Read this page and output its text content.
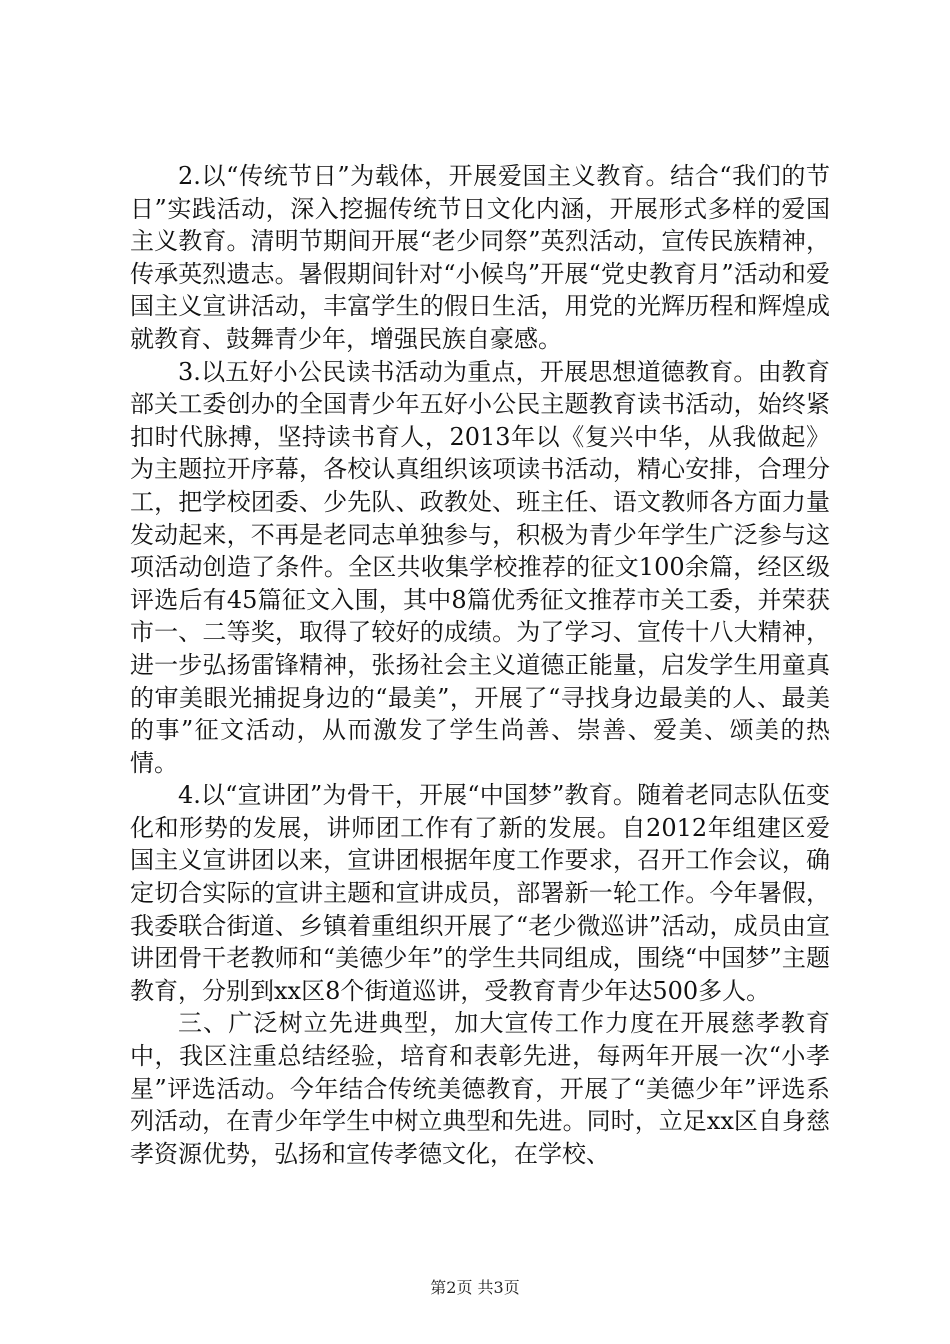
2.以“传统节日”为载体，开展爱国主义教育。结合“我们的节日”实践活动，深入挖掘传统节日文化内涵，开展形式多样的爱国主义教育。清明节期间开展“老少同祭”英烈活动，宣传民族精神，传承英烈遗志。暑假期间针对“小候鸟”开展“党史教育月”活动和爱国主义宣讲活动，丰富学生的假日生活，用党的光辉历程和辉煌成就教育、鼓舞青少年，增强民族自豪感。

3.以五好小公民读书活动为重点，开展思想道德教育。由教育部关工委创办的全国青少年五好小公民主题教育读书活动，始终紧扣时代脉搏，坚持读书育人，2013年以《复兴中华，从我做起》为主题拉开序幕，各校认真组织该项读书活动，精心安排，合理分工，把学校团委、少先队、政教处、班主任、语文教师各方面力量发动起来，不再是老同志单独参与，积极为青少年学生广泛参与这项活动创造了条件。全区共收集学校推荐的征文100余篇，经区级评选后有45篇征文入围，其中8篇优秀征文推荐市关工委，并荣获市一、二等奖，取得了较好的成绩。为了学习、宣传十八大精神，进一步弘扬雷锋精神，张扬社会主义道德正能量，启发学生用童真的审美眼光捕捉身边的“最美”，开展了“寻找身边最美的人、最美的事”征文活动，从而激发了学生尚善、崇善、爱美、颂美的热情。

4.以“宣讲团”为骨干，开展“中国梦”教育。随着老同志队伍变化和形势的发展，讲师团工作有了新的发展。自2012年组建区爱国主义宣讲团以来，宣讲团根据年度工作要求，召开工作会议，确定切合实际的宣讲主题和宣讲成员，部署新一轮工作。今年暑假，我委联合街道、乡镇着重组织开展了“老少微巡讲”活动，成员由宣讲团骨干老教师和“美德少年”的学生共同组成，围绕“中国梦”主题教育，分别到xx区8个街道巡讲，受教育青少年达500多人。

三、广泛树立先进典型，加大宣传工作力度在开展慈孝教育中，我区注重总结经验，培育和表彰先进，每两年开展一次“小孝星”评选活动。今年结合传统美德教育，开展了“美德少年”评选系列活动，在青少年学生中树立典型和先进。同时，立足xx区自身慈孝资源优势，弘扬和宣传孝德文化，在学校、

第2页 共3页
